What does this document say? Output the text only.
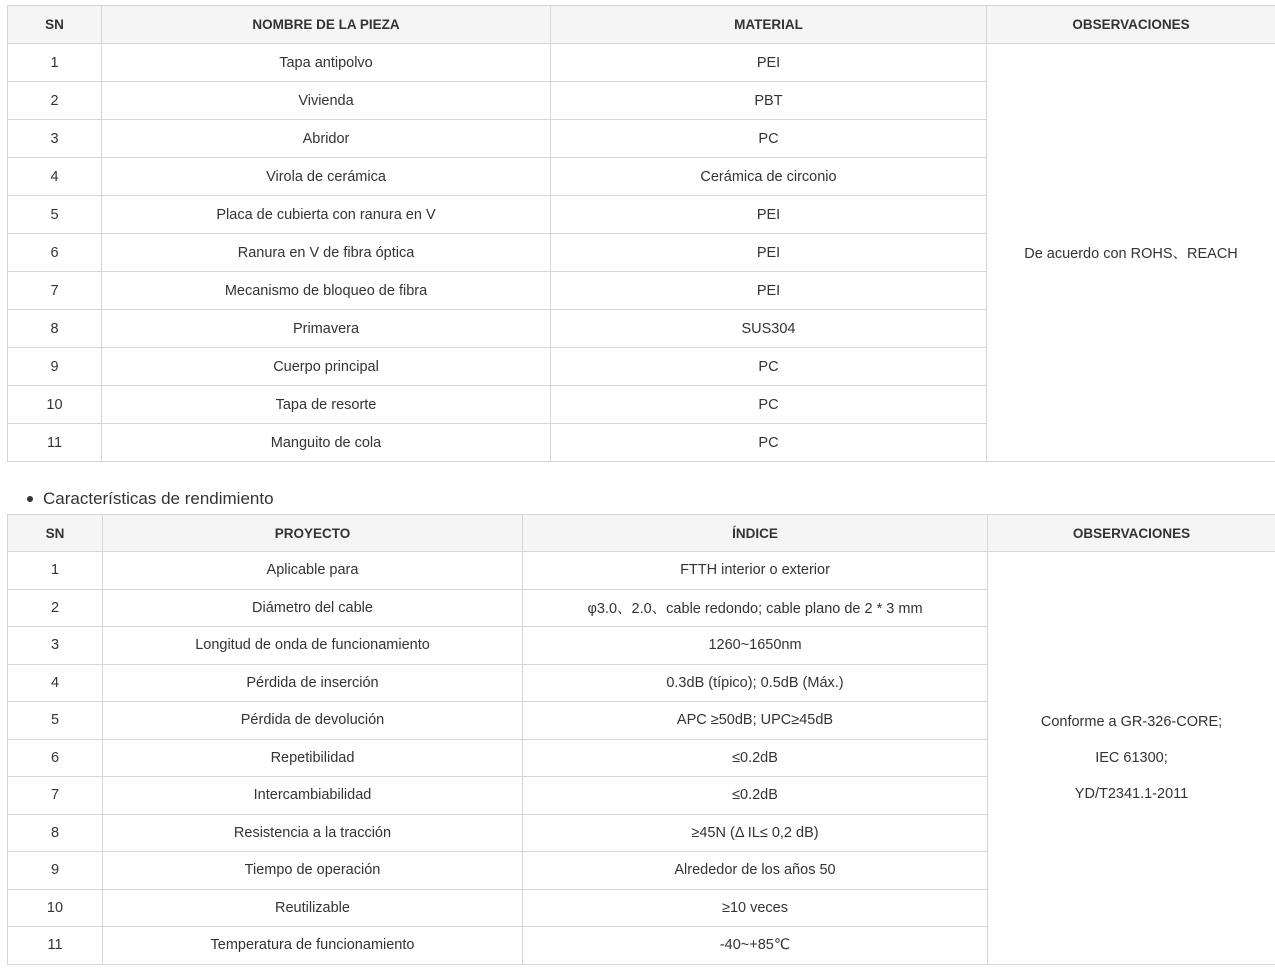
SN	NOMBRE DE LA PIEZA	MATERIAL	OBSERVACIONES
1	Tapa antipolvo	PEI	De acuerdo con ROHS、REACH
2	Vivienda	PBT	
3	Abridor	PC	
4	Virola de cerámica	Cerámica de circonio	
5	Placa de cubierta con ranura en V	PEI	
6	Ranura en V de fibra óptica	PEI	
7	Mecanismo de bloqueo de fibra	PEI	
8	Primavera	SUS304	
9	Cuerpo principal	PC	
10	Tapa de resorte	PC	
11	Manguito de cola	PC	
Características de rendimiento
SN	PROYECTO	ÍNDICE	OBSERVACIONES
1	Aplicable para	FTTH interior o exterior	Conforme a GR-326-CORE;
IEC 61300;
YD/T2341.1-2011

2	Diámetro del cable	φ3.0、2.0、cable redondo; cable plano de 2 * 3 mm	
3	Longitud de onda de funcionamiento	1260~1650nm	
4	Pérdida de inserción	0.3dB (típico); 0.5dB (Máx.)	
5	Pérdida de devolución	APC ≥50dB; UPC≥45dB	
6	Repetibilidad	≤0.2dB	
7	Intercambiabilidad	≤0.2dB	
8	Resistencia a la tracción	≥45N (Δ IL≤ 0,2 dB)	
9	Tiempo de operación	Alrededor de los años 50	
10	Reutilizable	≥10 veces	
11	Temperatura de funcionamiento	-40~+85℃	
